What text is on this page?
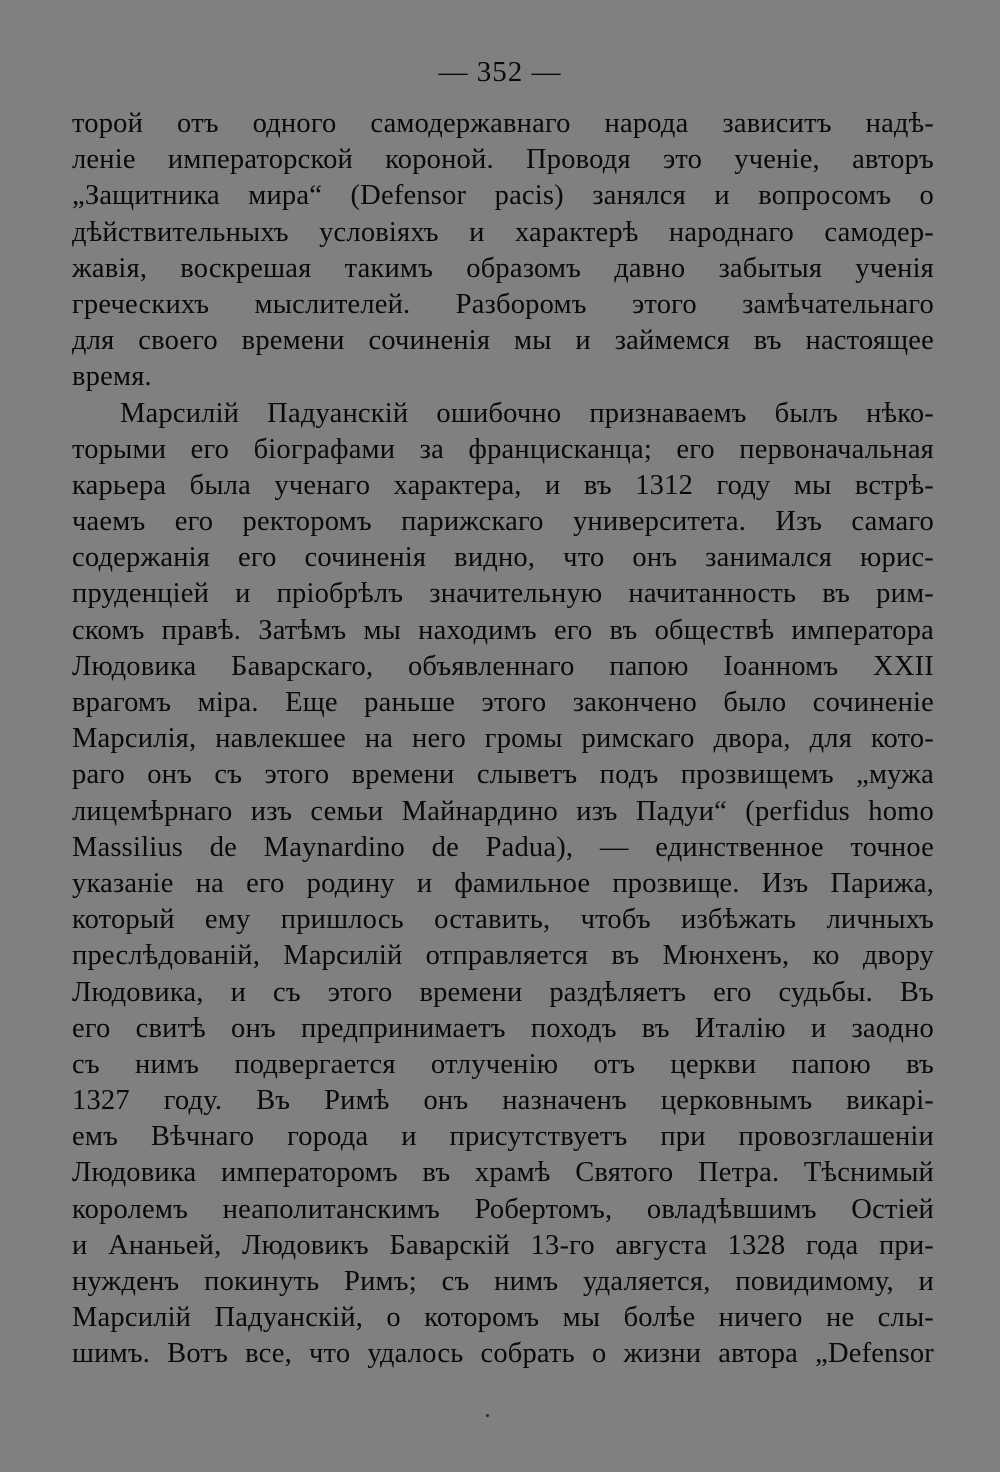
— 352 —
торой отъ одного самодержавнаго народа зависитъ надѣ-
леніе императорской короной. Проводя это ученіе, авторъ
„Защитника мира“ (Defensor pacis) занялся и вопросомъ о
дѣйствительныхъ условіяхъ и характерѣ народнаго самодер-
жавія, воскрешая такимъ образомъ давно забытыя ученія
греческихъ мыслителей. Разборомъ этого замѣчательнаго
для своего времени сочиненія мы и займемся въ настоящее
время.
Марсилій Падуанскій ошибочно признаваемъ былъ нѣко-
торыми его біографами за францисканца; его первоначальная
карьера была ученаго характера, и въ 1312 году мы встрѣ-
чаемъ его ректоромъ парижскаго университета. Изъ самаго
содержанія его сочиненія видно, что онъ занимался юрис-
пруденціей и пріобрѣлъ значительную начитанность въ рим-
скомъ правѣ. Затѣмъ мы находимъ его въ обществѣ императора
Людовика Баварскаго, объявленнаго папою Іоанномъ XXII
врагомъ міра. Еще раньше этого закончено было сочиненіе
Марсилія, навлекшее на него громы римскаго двора, для кото-
раго онъ съ этого времени слыветъ подъ прозвищемъ „мужа
лицемѣрнаго изъ семьи Майнардино изъ Падуи“ (perfidus homo
Massilius de Maynardino de Padua), — единственное точное
указаніе на его родину и фамильное прозвище. Изъ Парижа,
который ему пришлось оставить, чтобъ избѣжать личныхъ
преслѣдованій, Марсилій отправляется въ Мюнхенъ, ко двору
Людовика, и съ этого времени раздѣляетъ его судьбы. Въ
его свитѣ онъ предпринимаетъ походъ въ Италію и заодно
съ нимъ подвергается отлученію отъ церкви папою въ
1327 году. Въ Римѣ онъ назначенъ церковнымъ викарі-
емъ Вѣчнаго города и присутствуетъ при провозглашеніи
Людовика императоромъ въ храмѣ Святого Петра. Тѣснимый
королемъ неаполитанскимъ Робертомъ, овладѣвшимъ Остіей
и Ананьей, Людовикъ Баварскій 13-го августа 1328 года при-
нужденъ покинуть Римъ; съ нимъ удаляется, повидимому, и
Марсилій Падуанскій, о которомъ мы болѣе ничего не слы-
шимъ. Вотъ все, что удалось собрать о жизни автора „Defensor
